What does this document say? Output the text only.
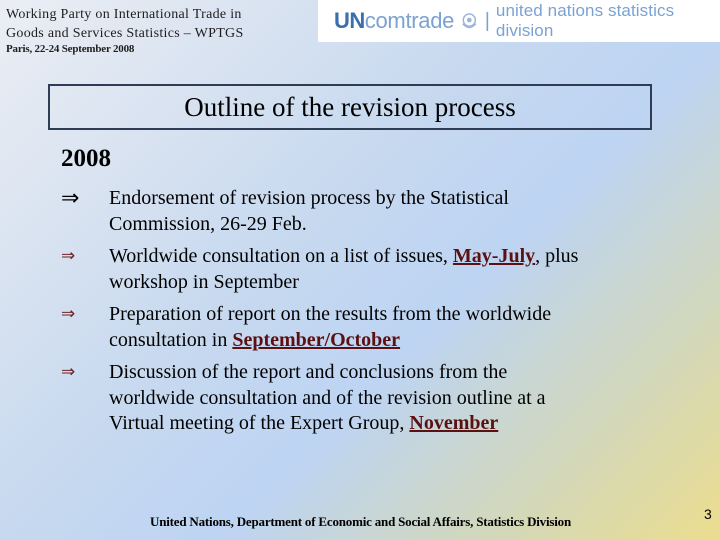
Working Party on International Trade in
Goods and Services Statistics – WPTGS
Paris, 22-24 September 2008
UN comtrade | united nations statistics division
Outline of the revision process
2008
⇒	Endorsement of revision process by the Statistical
Commission, 26-29 Feb.
⇒	Worldwide consultation on a list of issues, May-July, plus
workshop in September
⇒	Preparation of report on the results from the worldwide
consultation in September/October
⇒	Discussion of the report and conclusions from the
worldwide consultation and of the revision outline at a
Virtual meeting of the Expert Group, November
United Nations, Department of Economic and Social Affairs, Statistics Division	3
